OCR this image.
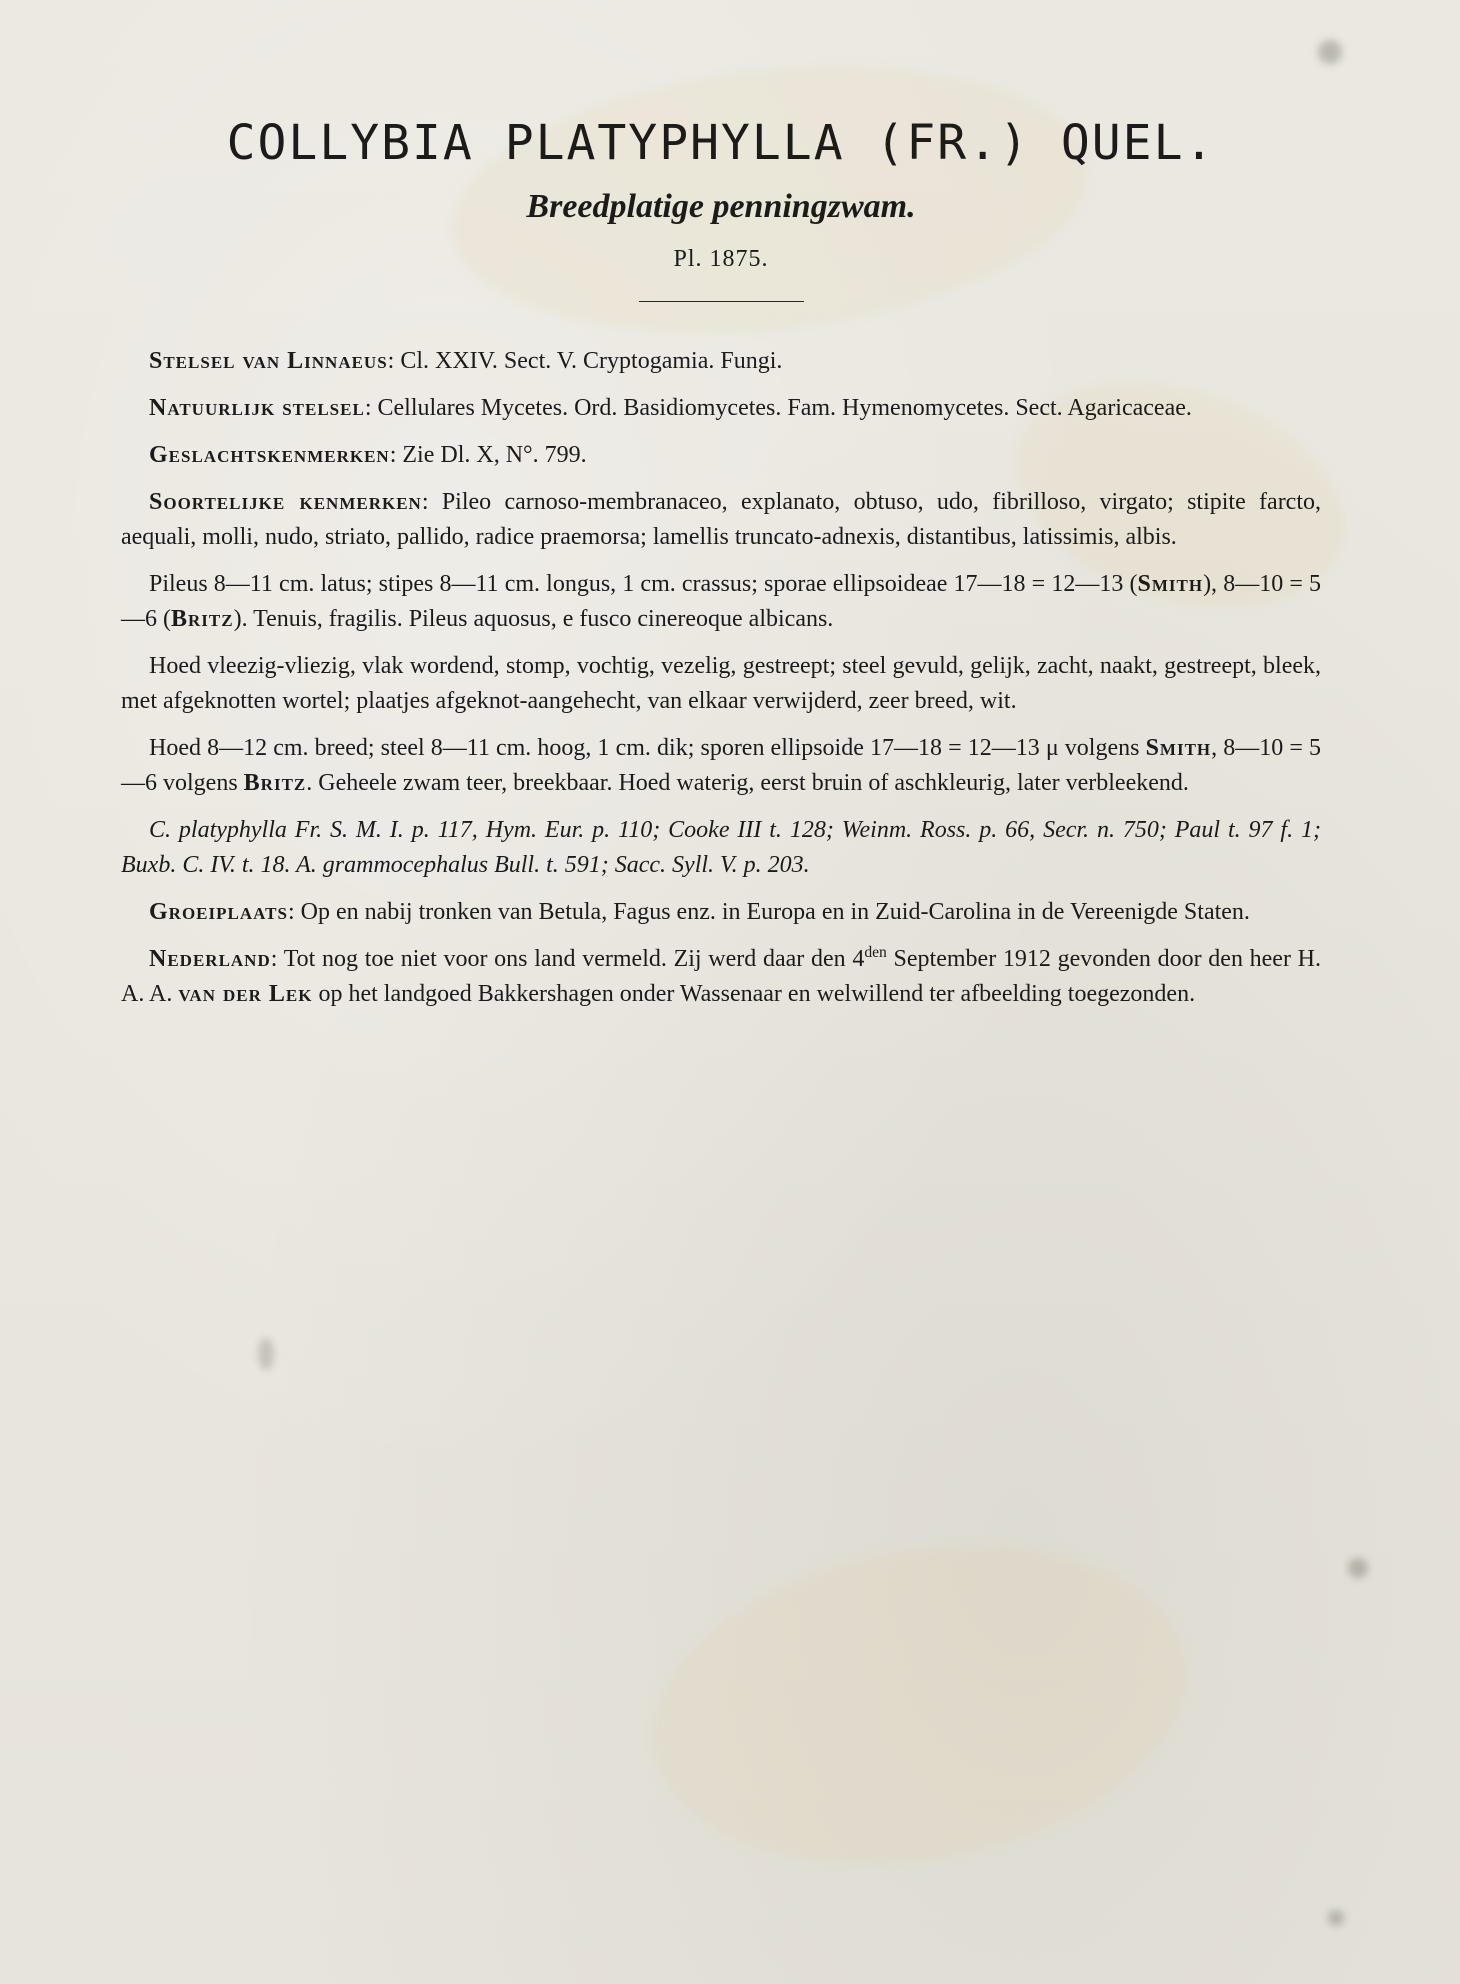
COLLYBIA PLATYPHYLLA (FR.) QUEL.
Breedplatige penningzwam.
Pl. 1875.

Stelsel van Linnaeus: Cl. XXIV. Sect. V. Cryptogamia. Fungi.

Natuurlijk stelsel: Cellulares Mycetes. Ord. Basidiomycetes. Fam. Hymenomycetes. Sect. Agaricaceae.

Geslachtskenmerken: Zie Dl. X, N°. 799.

Soortelijke kenmerken: Pileo carnoso-membranaceo, explanato, obtuso, udo, fibrilloso, virgato; stipite farcto, aequali, molli, nudo, striato, pallido, radice praemorsa; lamellis truncato-adnexis, distantibus, latissimis, albis.

Pileus 8—11 cm. latus; stipes 8—11 cm. longus, 1 cm. crassus; sporae ellipsoideae 17—18 = 12—13 (Smith), 8—10 = 5—6 (Britz). Tenuis, fragilis. Pileus aquosus, e fusco cinereoque albicans.

Hoed vleezig-vliezig, vlak wordend, stomp, vochtig, vezelig, gestreept; steel gevuld, gelijk, zacht, naakt, gestreept, bleek, met afgeknotten wortel; plaatjes afgeknot-aangehecht, van elkaar verwijderd, zeer breed, wit.

Hoed 8—12 cm. breed; steel 8—11 cm. hoog, 1 cm. dik; sporen ellipsoide 17—18 = 12—13 μ volgens Smith, 8—10 = 5—6 volgens Britz. Geheele zwam teer, breekbaar. Hoed waterig, eerst bruin of aschkleurig, later verbleekend.

C. platyphylla Fr. S. M. I. p. 117, Hym. Eur. p. 110; Cooke III t. 128; Weinm. Ross. p. 66, Secr. n. 750; Paul t. 97 f. 1; Buxb. C. IV. t. 18. A. grammocephalus Bull. t. 591; Sacc. Syll. V. p. 203.

Groeiplaats: Op en nabij tronken van Betula, Fagus enz. in Europa en in Zuid-Carolina in de Vereenigde Staten.

Nederland: Tot nog toe niet voor ons land vermeld. Zij werd daar den $4^{den}$ September 1912 gevonden door den heer H. A. A. van der Lek op het landgoed Bakkershagen onder Wassenaar en welwillend ter afbeelding toegezonden.
